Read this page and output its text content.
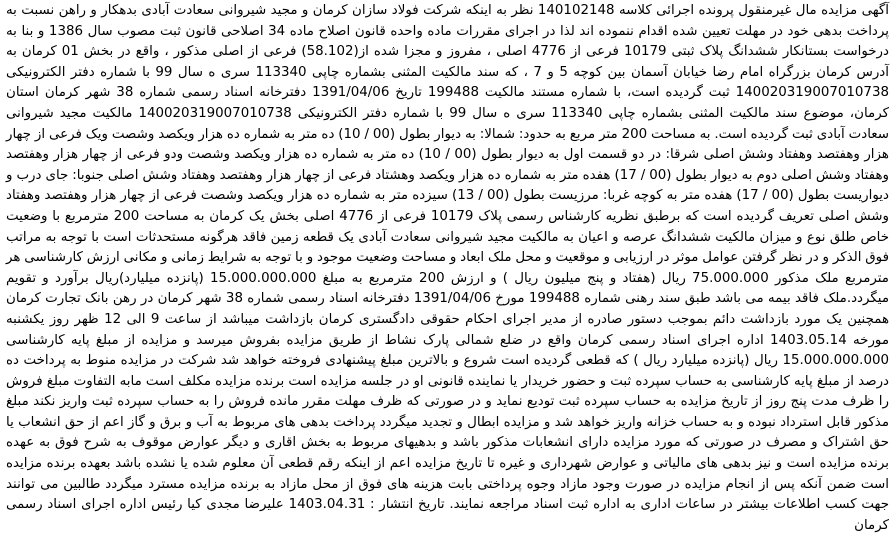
آگهی مزایده مال غیرمنقول پرونده اجرائی کلاسه 140102148 نظر به اینکه شرکت فولاد سازان کرمان و مجید شیروانی سعادت آبادی بدهکار و راهن نسبت به پرداخت بدهی خود در مهلت تعیین شده اقدام ننموده اند لذا در اجرای مقررات ماده واحده قانون اصلاح ماده 34 اصلاحی قانون ثبت مصوب سال 1386 و بنا به درخواست بستانکار ششدانگ پلاک ثبتی 10179 فرعی از 4776 اصلی ، مفروز و مجزا شده از(58.102) فرعی از اصلی مذکور ، واقع در بخش 01 کرمان به آدرس کرمان بزرگراه امام رضا خیابان آسمان بین کوچه 5 و 7 ، که سند مالکیت المثنی بشماره چاپی 113340 سری ه سال 99 با شماره دفتر الکترونیکی 140020319007010738 ثبت گردیده است، با شماره مستند مالکیت 199488 تاریخ 1391/04/06 دفترخانه اسناد رسمی شماره 38 شهر کرمان استان کرمان، موضوع سند مالکیت المثنی بشماره چاپی 113340 سری ه سال 99 با شماره دفتر الکترونیکی 140020319007010738 مالکیت مجید شیروانی سعادت آبادی ثبت گردیده است. به مساحت 200 متر مربع به حدود: شمالا: به دیوار بطول (00 / 10) ده متر به شماره ده هزار ویکصد وشصت ویک فرعی از چهار هزار وهفتصد وهفتاد وشش اصلی شرقا: در دو قسمت اول به دیوار بطول (00 / 10) ده متر به شماره ده هزار ویکصد وشصت ودو فرعی از چهار هزار وهفتصد وهفتاد وشش اصلی دوم به دیوار بطول (00 / 17) هفده متر به شماره ده هزار ویکصد وهشتاد فرعی از چهار هزار وهفتصد وهفتاد وشش اصلی جنوبا: جای درب و دیواریست بطول (00 / 17) هفده متر به کوچه غربا: مرزیست بطول (00 / 13) سیزده متر به شماره ده هزار ویکصد وشصت فرعی از چهار هزار وهفتصد وهفتاد وشش اصلی تعریف گردیده است که برطبق نظریه کارشناس رسمی پلاک 10179 فرعی از 4776 اصلی بخش یک کرمان به مساحت 200 مترمربع با وضعیت خاص طلق نوع و میزان مالکیت ششدانگ عرصه و اعیان به مالکیت مجید شیروانی سعادت آبادی یک قطعه زمین فاقد هرگونه مستحدثات است با توجه به مراتب فوق الذکر و در نظر گرفتن عوامل موثر در ارزیابی و موقعیت و محل ملک ابعاد و مساحت وضعیت موجود و با توجه به شرایط زمانی و مکانی ارزش کارشناسی هر مترمربع ملک مذکور 75.000.000 ریال (هفتاد و پنج میلیون ریال ) و ارزش 200 مترمربع به مبلغ 15.000.000.000 (پانزده میلیارد)ریال برآورد و تقویم میگردد.ملک فاقد بیمه می باشد طبق سند رهنی شماره 199488 مورخ 1391/04/06 دفترخانه اسناد رسمی شماره 38 شهر کرمان در رهن بانک تجارت کرمان همچنین یک مورد بازداشت دائم بموجب دستور صادره از مدیر اجرای احکام حقوقی دادگستری کرمان بازداشت میباشد از ساعت 9 الی 12 ظهر روز یکشنبه مورخه 1403.05.14 اداره اجرای اسناد رسمی کرمان واقع در ضلع شمالی پارک نشاط از طریق مزایده بفروش میرسد و مزایده از مبلغ پایه کارشناسی 15.000.000.000 ریال (پانزده میلیارد ریال ) که قطعی گردیده است شروع و بالاترین مبلغ پیشنهادی فروخته خواهد شد شرکت در مزایده منوط به پرداخت ده درصد از مبلغ پایه کارشناسی به حساب سپرده ثبت و حضور خریدار یا نماینده قانونی او در جلسه مزایده است برنده مزایده مکلف است مابه التفاوت مبلغ فروش را ظرف مدت پنج روز از تاریخ مزایده به حساب سپرده ثبت تودیع نماید و در صورتی که ظرف مهلت مقرر مانده فروش را به حساب سپرده ثبت واریز نکند مبلغ مذکور قابل استرداد نبوده و به حساب خزانه واریز خواهد شد و مزایده ابطال و تجدید میگردد پرداخت بدهی های مربوط به آب و برق و گاز اعم از حق انشعاب یا حق اشتراک و مصرف در صورتی که مورد مزایده دارای انشعابات مذکور باشد و بدهیهای مربوط به بخش اقاری و دیگر عوارض موقوف به شرح فوق به عهده برنده مزایده است و نیز بدهی های مالیاتی و عوارض شهرداری و غیره تا تاریخ مزایده اعم از اینکه رقم قطعی آن معلوم شده یا نشده باشد بعهده برنده مزایده است ضمن آنکه پس از انجام مزایده در صورت وجود مازاد وجوه پرداختی بابت هزینه های فوق از محل مازاد به برنده مزایده مسترد میگردد طالبین می توانند جهت کسب اطلاعات بیشتر در ساعات اداری به اداره ثبت اسناد مراجعه نمایند. تاریخ انتشار : 1403.04.31 علیرضا مجدی کیا رئیس اداره اجرای اسناد رسمی کرمان
